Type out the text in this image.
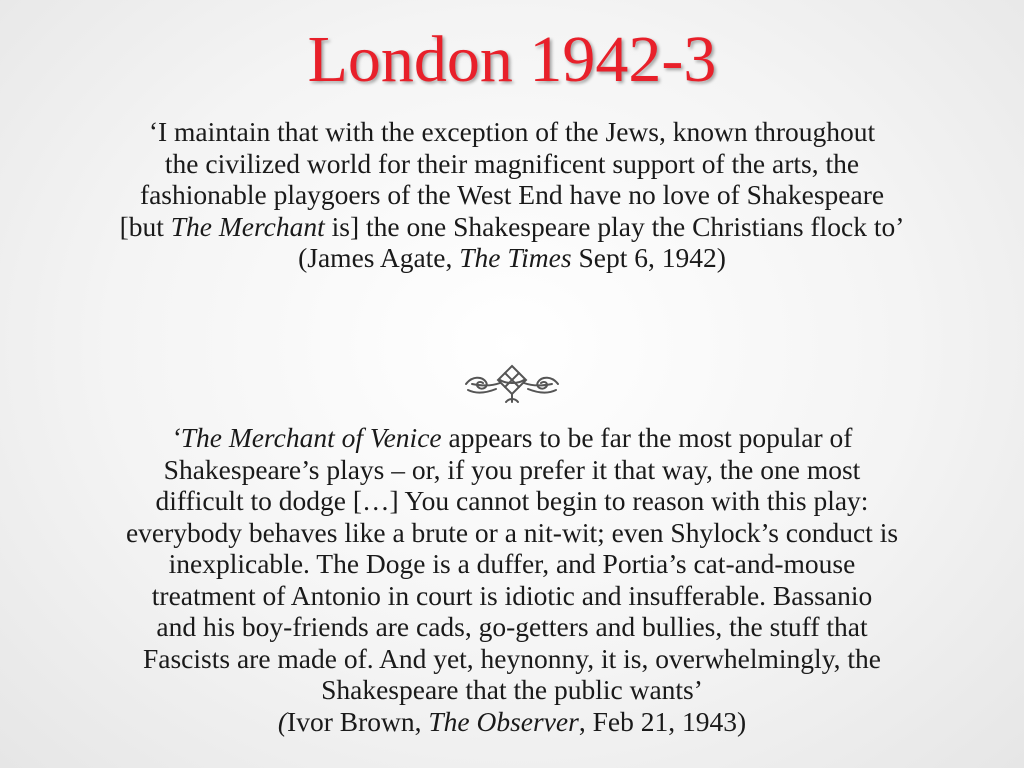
London 1942-3

‘I maintain that with the exception of the Jews, known throughout
the civilized world for their magnificent support of the arts, the
fashionable playgoers of the West End have no love of Shakespeare
[but The Merchant is] the one Shakespeare play the Christians flock to’
(James Agate, The Times Sept 6, 1942)

‘The Merchant of Venice appears to be far the most popular of
Shakespeare’s plays – or, if you prefer it that way, the one most
difficult to dodge […] You cannot begin to reason with this play:
everybody behaves like a brute or a nit-wit; even Shylock’s conduct is
inexplicable. The Doge is a duffer, and Portia’s cat-and-mouse
treatment of Antonio in court is idiotic and insufferable. Bassanio
and his boy-friends are cads, go-getters and bullies, the stuff that
Fascists are made of. And yet, heynonny, it is, overwhelmingly, the
Shakespeare that the public wants’
(Ivor Brown, The Observer, Feb 21, 1943)
